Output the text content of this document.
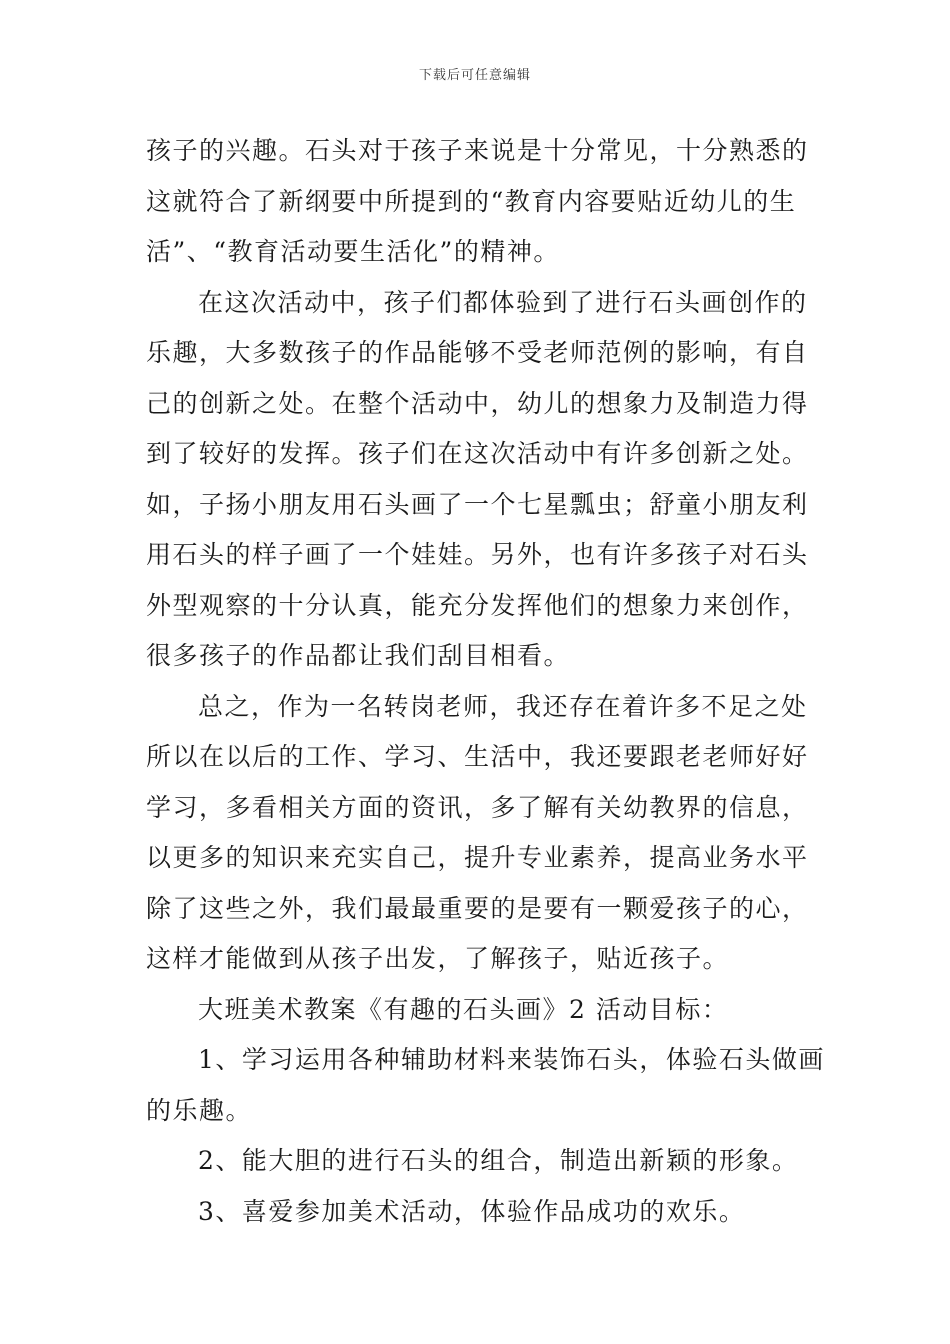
下载后可任意编辑
孩子的兴趣。石头对于孩子来说是十分常见，十分熟悉的
这就符合了新纲要中所提到的“教育内容要贴近幼儿的生
活”、“教育活动要生活化”的精神。
在这次活动中，孩子们都体验到了进行石头画创作的
乐趣，大多数孩子的作品能够不受老师范例的影响，有自
己的创新之处。在整个活动中，幼儿的想象力及制造力得
到了较好的发挥。孩子们在这次活动中有许多创新之处。
如，子扬小朋友用石头画了一个七星瓢虫；舒童小朋友利
用石头的样子画了一个娃娃。另外，也有许多孩子对石头
外型观察的十分认真，能充分发挥他们的想象力来创作，
很多孩子的作品都让我们刮目相看。
总之，作为一名转岗老师，我还存在着许多不足之处
所以在以后的工作、学习、生活中，我还要跟老老师好好
学习，多看相关方面的资讯，多了解有关幼教界的信息，
以更多的知识来充实自己，提升专业素养，提高业务水平
除了这些之外，我们最最重要的是要有一颗爱孩子的心，
这样才能做到从孩子出发，了解孩子，贴近孩子。
大班美术教案《有趣的石头画》2 活动目标：
1、学习运用各种辅助材料来装饰石头，体验石头做画
的乐趣。
2、能大胆的进行石头的组合，制造出新颖的形象。
3、喜爱参加美术活动，体验作品成功的欢乐。
